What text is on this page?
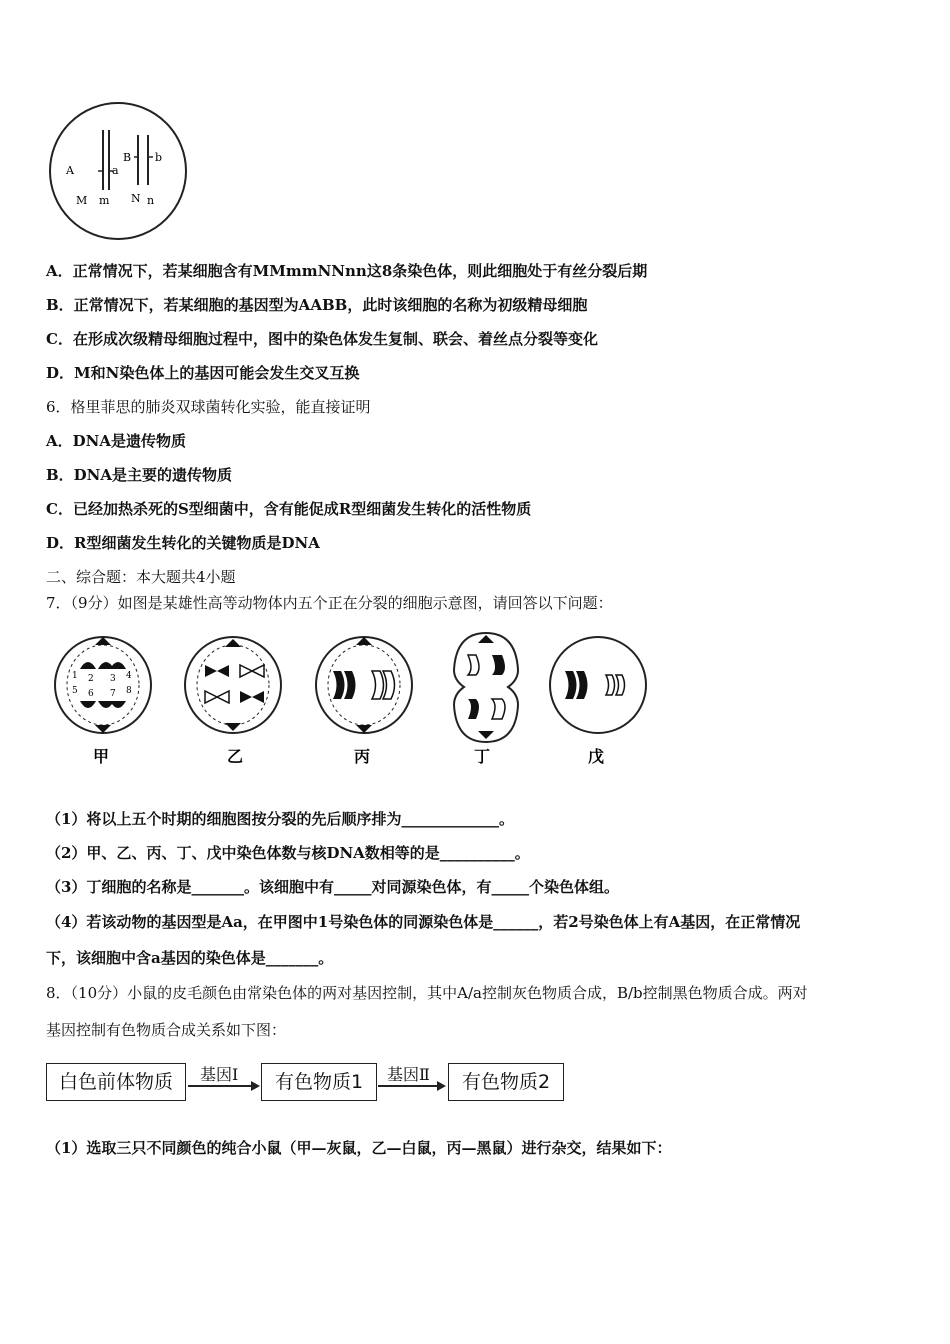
A	a
B b
M m N n
A．正常情况下，若某细胞含有MMmmNNnn这8条染色体，则此细胞处于有丝分裂后期
B．正常情况下，若某细胞的基因型为AABB，此时该细胞的名称为初级精母细胞
C．在形成次级精母细胞过程中，图中的染色体发生复制、联会、着丝点分裂等变化
D．M和N染色体上的基因可能会发生交叉互换
6．格里菲思的肺炎双球菌转化实验，能直接证明
A．DNA是遗传物质
B．DNA是主要的遗传物质
C．已经加热杀死的S型细菌中，含有能促成R型细菌发生转化的活性物质
D．R型细菌发生转化的关键物质是DNA
二、综合题：本大题共4小题
7．（9分）如图是某雄性高等动物体内五个正在分裂的细胞示意图，请回答以下问题：
1 2 3 4
5 6 7 8
甲	乙	丙	丁	戊
（1）将以上五个时期的细胞图按分裂的先后顺序排为_____________。
（2）甲、乙、丙、丁、戊中染色体数与核DNA数相等的是__________。
（3）丁细胞的名称是_______。该细胞中有_____对同源染色体，有_____个染色体组。
（4）若该动物的基因型是Aa，在甲图中1号染色体的同源染色体是______，若2号染色体上有A基因，在正常情况
下，该细胞中含a基因的染色体是_______。
8．（10分）小鼠的皮毛颜色由常染色体的两对基因控制，其中A/a控制灰色物质合成，B/b控制黑色物质合成。两对
基因控制有色物质合成关系如下图：
白色前体物质	基因Ⅰ	有色物质1	基因Ⅱ	有色物质2
（1）选取三只不同颜色的纯合小鼠（甲—灰鼠，乙—白鼠，丙—黑鼠）进行杂交，结果如下：
